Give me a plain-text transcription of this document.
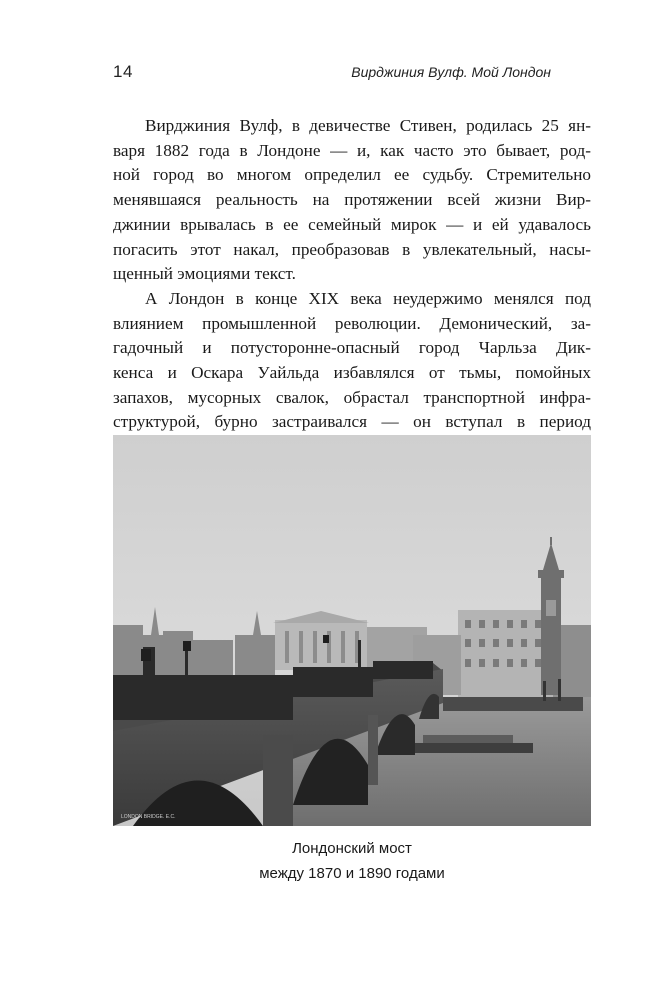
14	Вирджиния Вулф. Мой Лондон
Вирджиния Вулф, в девичестве Стивен, родилась 25 ян-
варя 1882 года в Лондоне — и, как часто это бывает, род-
ной город во многом определил ее судьбу. Стремительно
менявшаяся реальность на протяжении всей жизни Вир-
джинии врывалась в ее семейный мирок — и ей удавалось
погасить этот накал, преобразовав в увлекательный, насы-
щенный эмоциями текст.
А Лондон в конце XIX века неудержимо менялся под
влиянием промышленной революции. Демонический, за-
гадочный и потусторонне-опасный город Чарльза Дик-
кенса и Оскара Уайльда избавлялся от тьмы, помойных
запахов, мусорных свалок, обрастал транспортной инфра-
структурой, бурно застраивался — он вступал в период
LONDON BRIDGE. E.C.
Лондонский мост
между 1870 и 1890 годами
